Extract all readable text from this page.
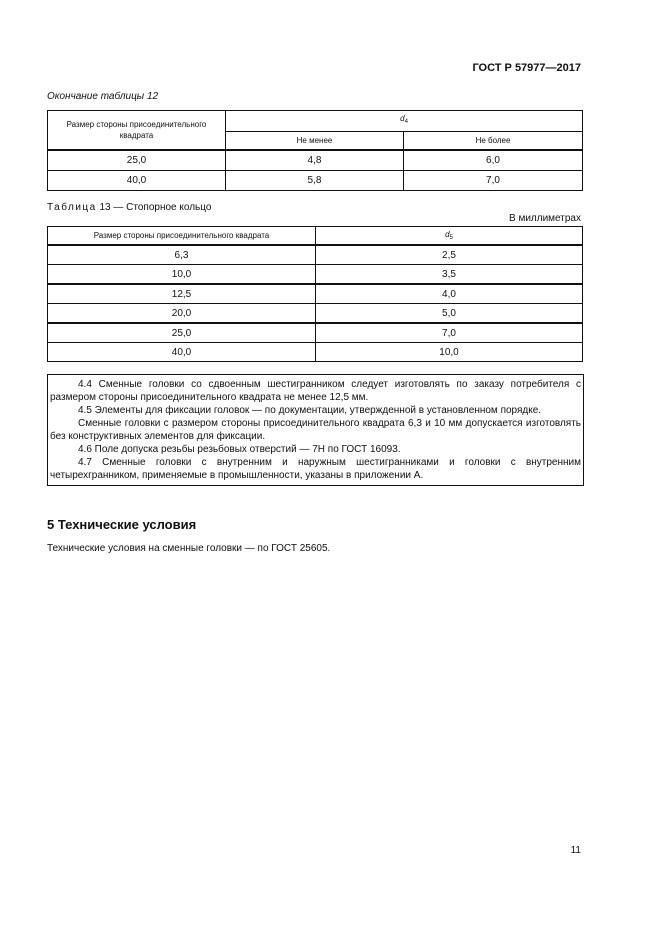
ГОСТ Р 57977—2017
Окончание таблицы 12
Размер стороны присоединительного квадрата	$d_4$
	Не менее	Не более
25,0	4,8	6,0
40,0	5,8	7,0
Таблица 13 — Стопорное кольцо
В миллиметрах
Размер стороны присоединительного квадрата	$d_5$
6,3	2,5
10,0	3,5
12,5	4,0
20,0	5,0
25,0	7,0
40,0	10,0

4.4 Сменные головки со сдвоенным шестигранником следует изготовлять по заказу потребителя с размером стороны присоединительного квадрата не менее 12,5 мм.

4.5 Элементы для фиксации головок — по документации, утвержденной в установленном порядке.

Сменные головки с размером стороны присоединительного квадрата 6,3 и 10 мм допускается изготовлять без конструктивных элементов для фиксации.

4.6 Поле допуска резьбы резьбовых отверстий — 7Н по ГОСТ 16093.

4.7 Сменные головки с внутренним и наружным шестигранниками и головки с внутренним четырехгранником, применяемые в промышленности, указаны в приложении А.

5 Технические условия
Технические условия на сменные головки — по ГОСТ 25605.
11
